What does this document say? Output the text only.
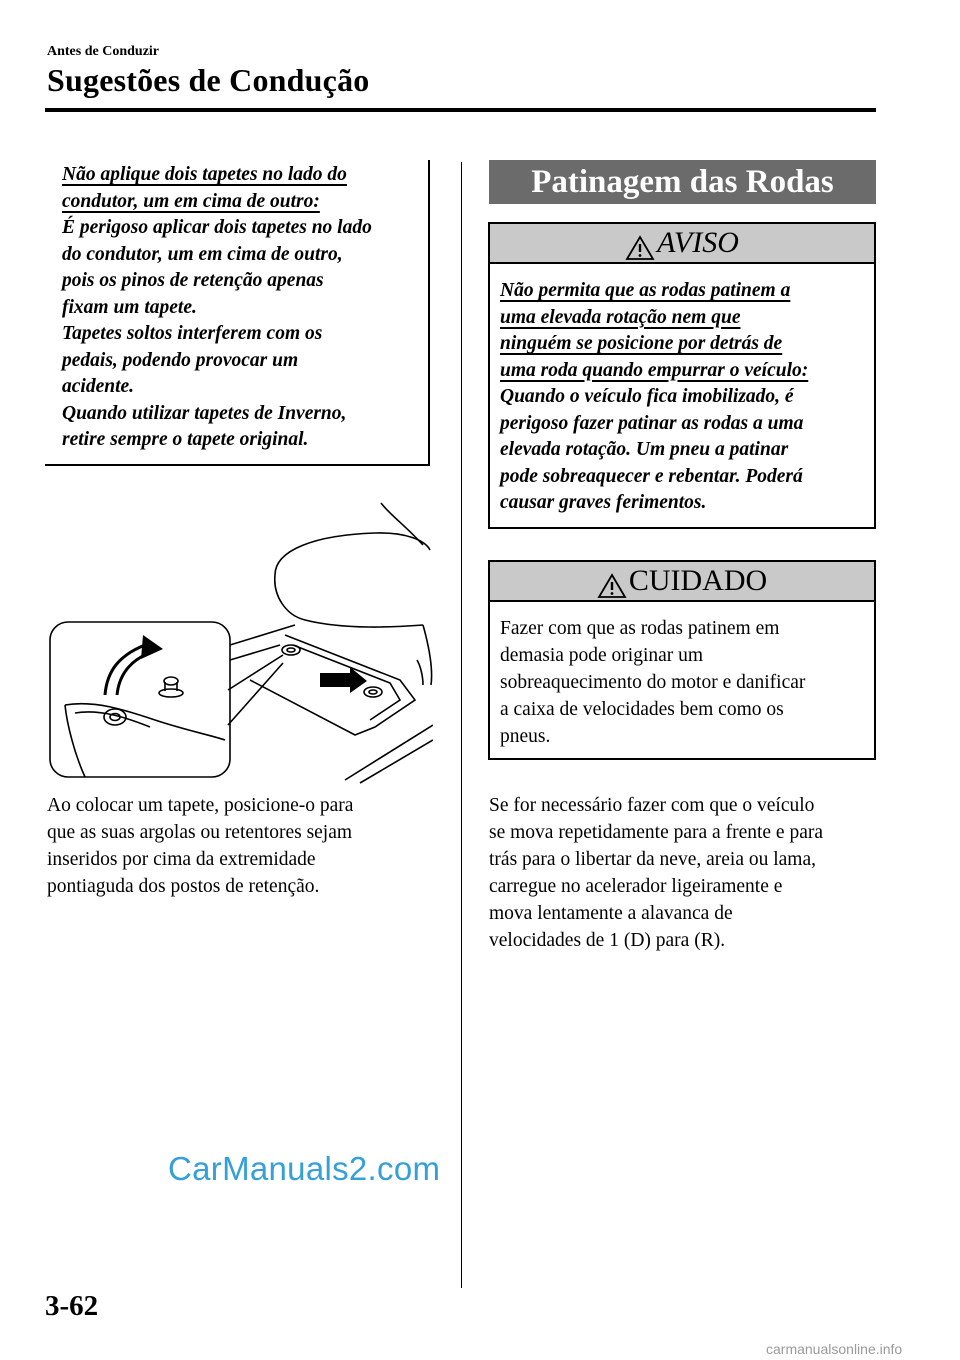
Antes de Conduzir
Sugestões de Condução

Não aplique dois tapetes no lado do

condutor, um em cima de outro:

É perigoso aplicar dois tapetes no lado

do condutor, um em cima de outro,

pois os pinos de retenção apenas

fixam um tapete.

Tapetes soltos interferem com os

pedais, podendo provocar um

acidente.

Quando utilizar tapetes de Inverno,

retire sempre o tapete original.

Ao colocar um tapete, posicione-o para

que as suas argolas ou retentores sejam

inseridos por cima da extremidade

pontiaguda dos postos de retenção.

Patinagem das Rodas
AVISO

Não permita que as rodas patinem a

uma elevada rotação nem que

ninguém se posicione por detrás de

uma roda quando empurrar o veículo:

Quando o veículo fica imobilizado, é

perigoso fazer patinar as rodas a uma

elevada rotação. Um pneu a patinar

pode sobreaquecer e rebentar. Poderá

causar graves ferimentos.

CUIDADO

Fazer com que as rodas patinem em

demasia pode originar um

sobreaquecimento do motor e danificar

a caixa de velocidades bem como os

pneus.

Se for necessário fazer com que o veículo

se mova repetidamente para a frente e para

trás para o libertar da neve, areia ou lama,

carregue no acelerador ligeiramente e

mova lentamente a alavanca de

velocidades de 1 (D) para (R).

CarManuals2.com
3-62
carmanualsonline.info
